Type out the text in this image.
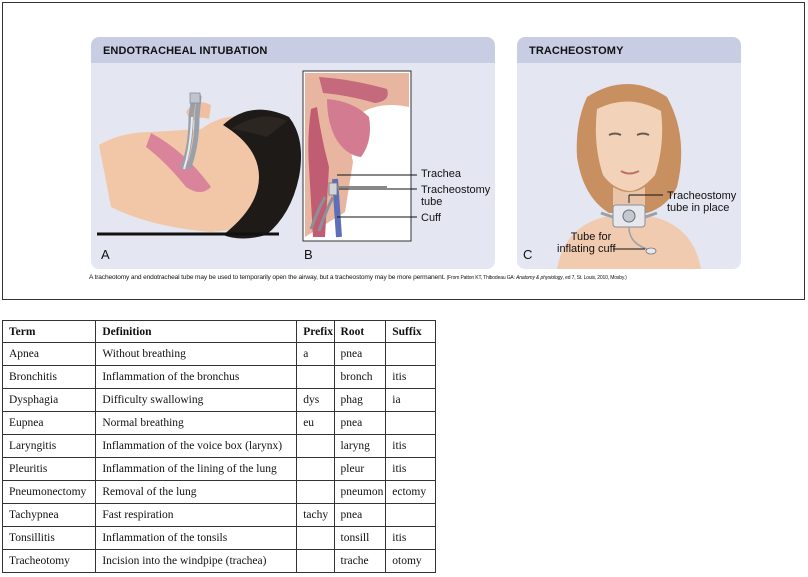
ENDOTRACHEAL INTUBATION
A	B
Trachea
Tracheostomy
tube
Cuff
TRACHEOSTOMY
C
Tracheostomy
tube in place
Tube for
inflating cuff
A tracheotomy and endotracheal tube may be used to temporarily open the airway, but a tracheostomy may be more permanent. (From Patton KT, Thibodeau GA: Anatomy & physiology, ed 7, St. Louis, 2010, Mosby.)
Term	Definition	Prefix	Root	Suffix
Apnea	Without breathing	a	pnea	
Bronchitis	Inflammation of the bronchus		bronch	itis
Dysphagia	Difficulty swallowing	dys	phag	ia
Eupnea	Normal breathing	eu	pnea	
Laryngitis	Inflammation of the voice box (larynx)		laryng	itis
Pleuritis	Inflammation of the lining of the lung		pleur	itis
Pneumonectomy	Removal of the lung		pneumon	ectomy
Tachypnea	Fast respiration	tachy	pnea	
Tonsillitis	Inflammation of the tonsils		tonsill	itis
Tracheotomy	Incision into the windpipe (trachea)		trache	otomy
